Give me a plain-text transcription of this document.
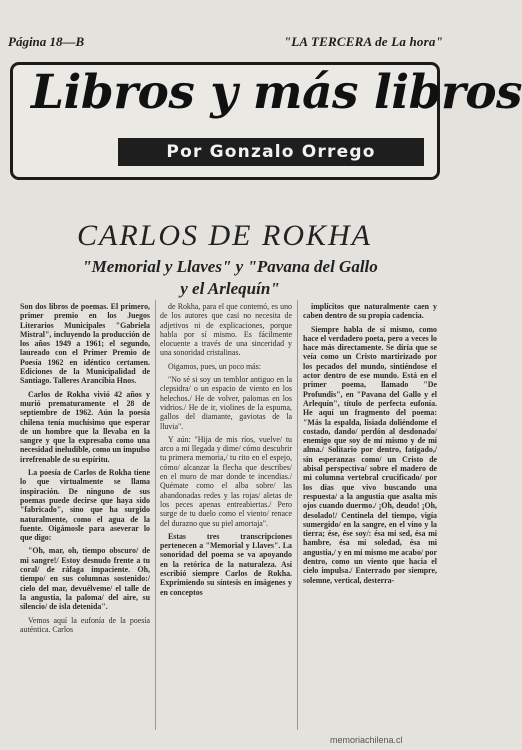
Página 18—B	"LA TERCERA de La hora"
Libros y más libros
Por Gonzalo Orrego
CARLOS DE ROKHA
"Memorial y Llaves" y "Pavana del Gallo
y el Arlequín"

Son dos libros de poemas. El primero, primer premio en los Juegos Literarios Municipales "Gabriela Mistral", incluyendo la producción de los años 1949 a 1961; el segundo, laureado con el Primer Premio de Poesía 1962 en idéntico certamen. Ediciones de la Municipalidad de Santiago. Talleres Arancibia Hnos.

Carlos de Rokha vivió 42 años y murió prematuramente el 28 de septiembre de 1962. Aún la poesía chilena tenía muchísimo que esperar de un hombre que la llevaba en la sangre y que la expresaba como una necesidad ineludible, como un impulso irrefrenable de su espíritu.

La poesía de Carlos de Rokha tiene lo que virtualmente se llama inspiración. De ninguno de sus poemas puede decirse que haya sido "fabricado", sino que ha surgido naturalmente, como el agua de la fuente. Oigámosle para aseverar lo que digo:

"Oh, mar, oh, tiempo obscuro/ de mi sangre!/ Estoy desnudo frente a tu coral/ de ráfaga impaciente. Oh, tiempo/ en sus columnas sostenido:/ cielo del mar, devuélveme/ el talle de la angustia, la paloma/ del aire, su silencio/ de isla detenida".

Vemos aquí la eufonía de la poesía auténtica. Carlos

de Rokha, para el que contemó, es uno de los autores que casi no necesita de adjetivos ni de explicaciones, porque habla por sí mismo. Es fácilmente elocuente a través de una sinceridad y una sonoridad cristalinas.

Oigamos, pues, un poco más:

"No sé si soy un temblor antiguo en la clepsidra/ o un espacio de viento en los helechos./ He de volver, palomas en los vidrios./ He de ir, violines de la espuma, gallos del diamante, gaviotas de la lluvia".

Y aún: "Hija de mis ríos, vuelve/ tu arco a mi llegada y dime/ cómo descubrir tu primera memoria,/ tu rito en el espejo, cómo/ alcanzar la flecha que describes/ en el muro de mar donde te incendias./ Quémate como el alba sobre/ las abandonadas redes y las rojas/ aletas de los peces apenas entreabiertas./ Pero surge de tu duelo como el viento/ renace del durazno que su piel amortaja".

Estas tres transcripciones pertenecen a "Memorial y Llaves". La sonoridad del poema se va apoyando en la retórica de la naturaleza. Así escribió siempre Carlos de Rokha. Exprimiendo su síntesis en imágenes y en conceptos

implícitos que naturalmente caen y caben dentro de su propia cadencia.

Siempre habla de sí mismo, como hace el verdadero poeta, pero a veces lo hace más directamente. Se diría que se veía como un Cristo martirizado por los pecados del mundo, sintiéndose el actor dentro de ese mundo. Está en el primer poema, llamado "De Profundis", en "Pavana del Gallo y el Arlequín", título de perfecta eufonía. He aquí un fragmento del poema: "Más la espalda, lisiada doliéndome el costado, dando/ perdón al desdonado/ enemigo que soy de mí mismo y de mi alma./ Solitario por dentro, fatigado,/ sin esperanzas como/ un Cristo de abisal perspectiva/ sobre el madero de mi columna vertebral crucificado/ por los días que vivo buscando una respuesta/ a la angustia que asalta mis ojos cuando duermo./ ¡Oh, deudo! ¡Oh, desolado!/ Centinela del tiempo, vigía sumergido/ en la sangre, en el vino y la tierra; ése, ése soy/: ésa mi sed, ésa mi hambre, ésa mi soledad, ésa mi angustia,/ y en mi mismo me acabo/ por dentro, como un viento que hacia el cielo impulsa./ Enterrado por siempre, solemne, vertical, desterra-

memoriachilena.cl
